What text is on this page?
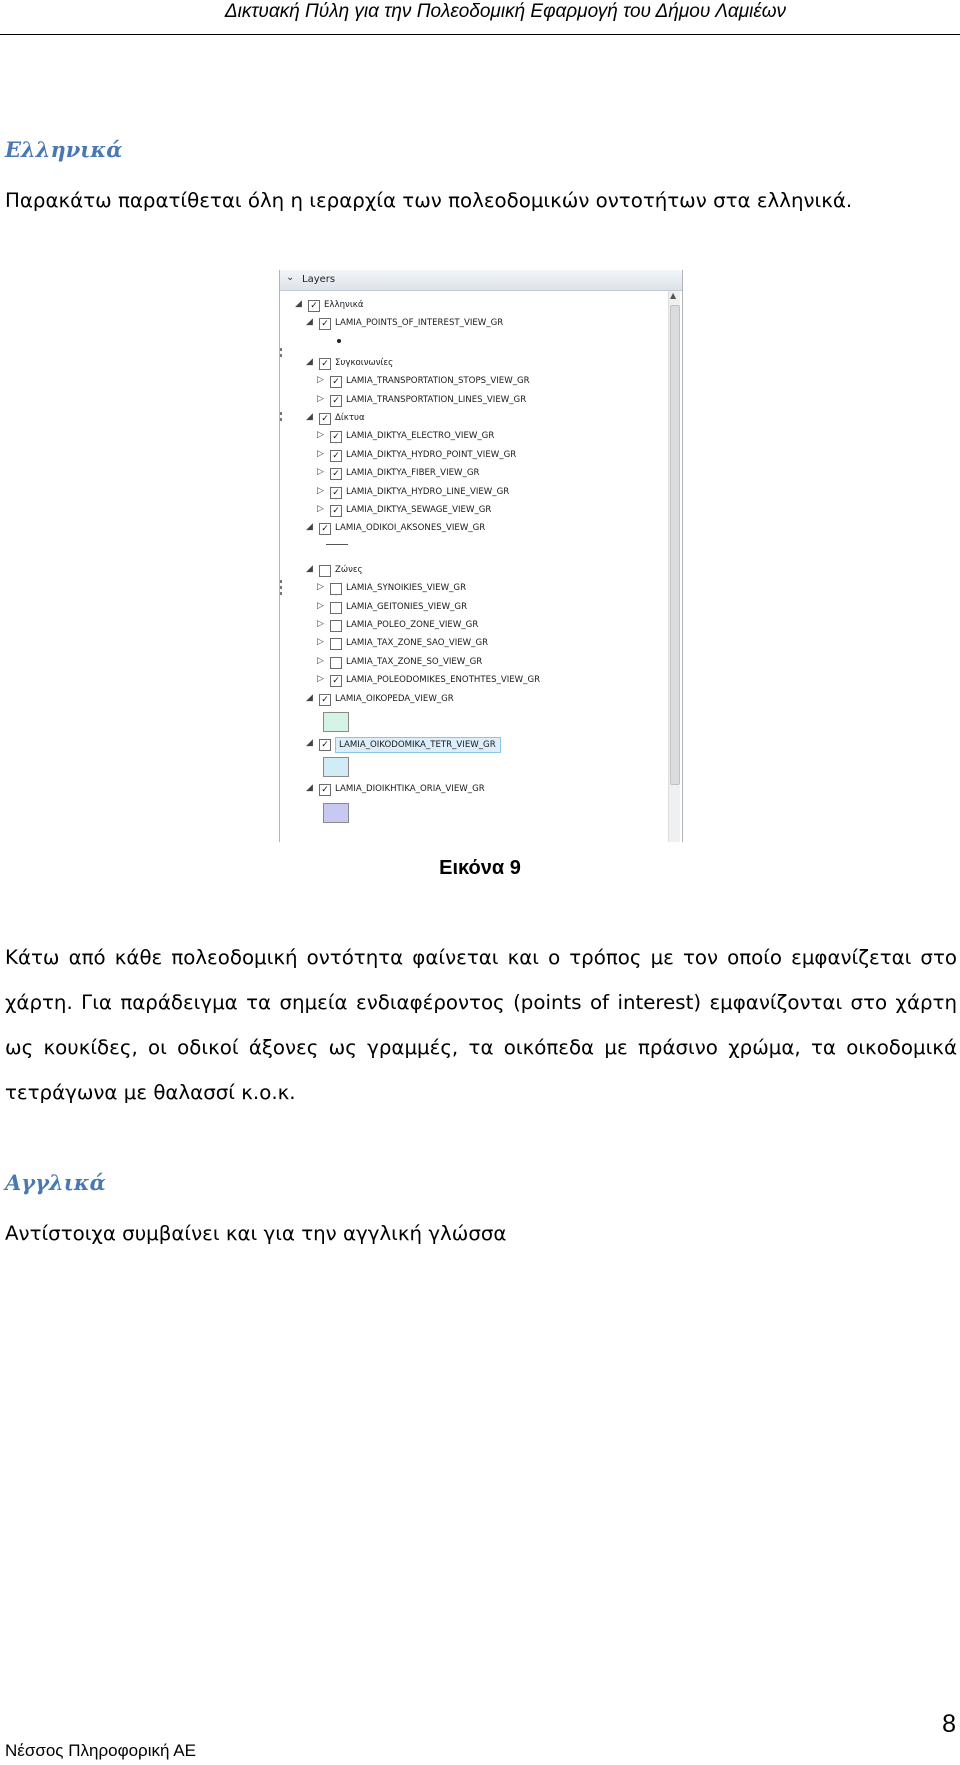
Δικτυακή Πύλη για την Πολεοδομική Εφαρμογή του Δήμου Λαμιέων
Ελληνικά
Παρακάτω παρατίθεται όλη η ιεραρχία των πολεοδομικών οντοτήτων στα ελληνικά.
⌄ Layers
◢ ✓ Ελληνικά
◢ ✓ LAMIA_POINTS_OF_INTEREST_VIEW_GR
◢ ✓ Συγκοινωνίες
▷ ✓ LAMIA_TRANSPORTATION_STOPS_VIEW_GR
▷ ✓ LAMIA_TRANSPORTATION_LINES_VIEW_GR
◢ ✓ Δίκτυα
▷ ✓ LAMIA_DIKTYA_ELECTRO_VIEW_GR
▷ ✓ LAMIA_DIKTYA_HYDRO_POINT_VIEW_GR
▷ ✓ LAMIA_DIKTYA_FIBER_VIEW_GR
▷ ✓ LAMIA_DIKTYA_HYDRO_LINE_VIEW_GR
▷ ✓ LAMIA_DIKTYA_SEWAGE_VIEW_GR
◢ ✓ LAMIA_ODIKOI_AKSONES_VIEW_GR
◢	Ζώνες
▷	LAMIA_SYNOIKIES_VIEW_GR
▷	LAMIA_GEITONIES_VIEW_GR
▷	LAMIA_POLEO_ZONE_VIEW_GR
▷	LAMIA_TAX_ZONE_SAO_VIEW_GR
▷	LAMIA_TAX_ZONE_SO_VIEW_GR
▷ ✓ LAMIA_POLEODOMIKES_ENOTHTES_VIEW_GR
◢ ✓ LAMIA_OIKOPEDA_VIEW_GR
◢ ✓	LAMIA_OIKODOMIKA_TETR_VIEW_GR
◢ ✓ LAMIA_DIOIKHTIKA_ORIA_VIEW_GR
▲
Εικόνα 9
Κάτω από κάθε πολεοδομική οντότητα φαίνεται και ο τρόπος με τον οποίο εμφανίζεται στο χάρτη. Για παράδειγμα τα σημεία ενδιαφέροντος (points of interest) εμφανίζονται στο χάρτη ως κουκίδες, οι οδικοί άξονες ως γραμμές, τα οικόπεδα με πράσινο χρώμα, τα οικοδομικά τετράγωνα με θαλασσί κ.ο.κ.
Αγγλικά
Αντίστοιχα συμβαίνει και για την αγγλική γλώσσα
8
Νέσσος Πληροφορική ΑΕ
